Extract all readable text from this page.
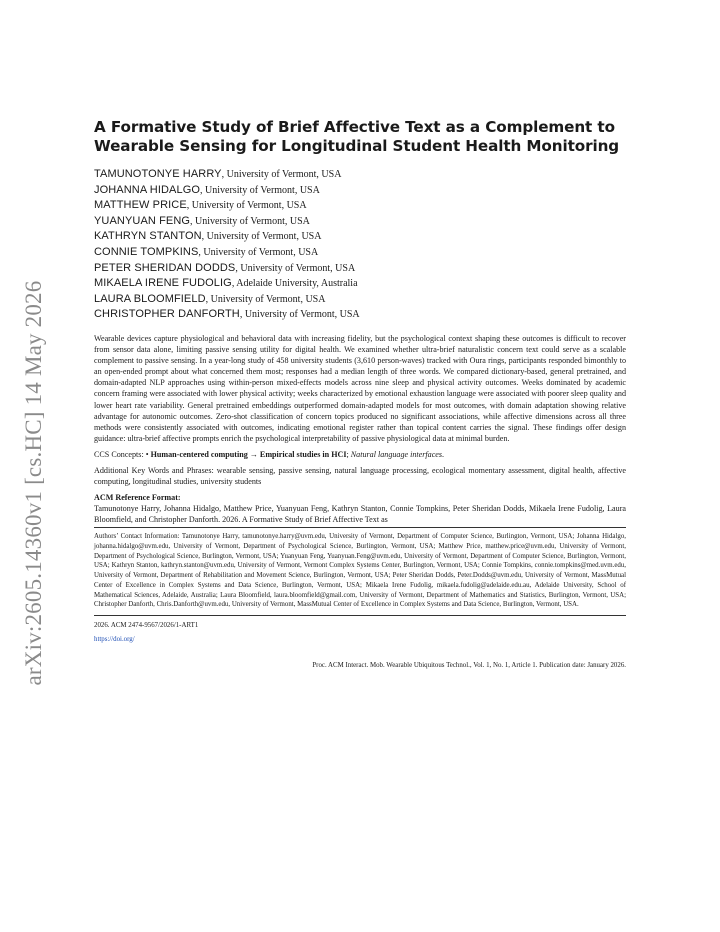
arXiv:2605.14360v1 [cs.HC] 14 May 2026
A Formative Study of Brief Affective Text as a Complement to Wearable Sensing for Longitudinal Student Health Monitoring
TAMUNOTONYE HARRY, University of Vermont, USA
JOHANNA HIDALGO, University of Vermont, USA
MATTHEW PRICE, University of Vermont, USA
YUANYUAN FENG, University of Vermont, USA
KATHRYN STANTON, University of Vermont, USA
CONNIE TOMPKINS, University of Vermont, USA
PETER SHERIDAN DODDS, University of Vermont, USA
MIKAELA IRENE FUDOLIG, Adelaide University, Australia
LAURA BLOOMFIELD, University of Vermont, USA
CHRISTOPHER DANFORTH, University of Vermont, USA

Wearable devices capture physiological and behavioral data with increasing fidelity, but the psychological context shaping these outcomes is difficult to recover from sensor data alone, limiting passive sensing utility for digital health. We examined whether ultra-brief naturalistic concern text could serve as a scalable complement to passive sensing. In a year-long study of 458 university students (3,610 person-waves) tracked with Oura rings, participants responded bimonthly to an open-ended prompt about what concerned them most; responses had a median length of three words. We compared dictionary-based, general pretrained, and domain-adapted NLP approaches using within-person mixed-effects models across nine sleep and physical activity outcomes. Weeks dominated by academic concern framing were associated with lower physical activity; weeks characterized by emotional exhaustion language were associated with poorer sleep quality and lower heart rate variability. General pretrained embeddings outperformed domain-adapted models for most outcomes, with domain adaptation showing relative advantage for autonomic outcomes. Zero-shot classification of concern topics produced no significant associations, while affective dimensions across all three methods were consistently associated with outcomes, indicating emotional register rather than topical content carries the signal. These findings offer design guidance: ultra-brief affective prompts enrich the psychological interpretability of passive physiological data at minimal burden.

CCS Concepts: • Human-centered computing → Empirical studies in HCI; Natural language interfaces.

Additional Key Words and Phrases: wearable sensing, passive sensing, natural language processing, ecological momentary assessment, digital health, affective computing, longitudinal studies, university students

ACM Reference Format:

Tamunotonye Harry, Johanna Hidalgo, Matthew Price, Yuanyuan Feng, Kathryn Stanton, Connie Tompkins, Peter Sheridan Dodds, Mikaela Irene Fudolig, Laura Bloomfield, and Christopher Danforth. 2026. A Formative Study of Brief Affective Text as

Authors’ Contact Information: Tamunotonye Harry, tamunotonye.harry@uvm.edu, University of Vermont, Department of Computer Science, Burlington, Vermont, USA; Johanna Hidalgo, johanna.hidalgo@uvm.edu, University of Vermont, Department of Psychological Science, Burlington, Vermont, USA; Matthew Price, matthew.price@uvm.edu, University of Vermont, Department of Psychological Science, Burlington, Vermont, USA; Yuanyuan Feng, Yuanyuan.Feng@uvm.edu, University of Vermont, Department of Computer Science, Burlington, Vermont, USA; Kathryn Stanton, kathryn.stanton@uvm.edu, University of Vermont, Vermont Complex Systems Center, Burlington, Vermont, USA; Connie Tompkins, connie.tompkins@med.uvm.edu, University of Vermont, Department of Rehabilitation and Movement Science, Burlington, Vermont, USA; Peter Sheridan Dodds, Peter.Dodds@uvm.edu, University of Vermont, MassMutual Center of Excellence in Complex Systems and Data Science, Burlington, Vermont, USA; Mikaela Irene Fudolig, mikaela.fudolig@adelaide.edu.au, Adelaide University, School of Mathematical Sciences, Adelaide, Australia; Laura Bloomfield, laura.bloomfield@gmail.com, University of Vermont, Department of Mathematics and Statistics, Burlington, Vermont, USA; Christopher Danforth, Chris.Danforth@uvm.edu, University of Vermont, MassMutual Center of Excellence in Complex Systems and Data Science, Burlington, Vermont, USA.

2026. ACM 2474-9567/2026/1-ART1
https://doi.org/
Proc. ACM Interact. Mob. Wearable Ubiquitous Technol., Vol. 1, No. 1, Article 1. Publication date: January 2026.
